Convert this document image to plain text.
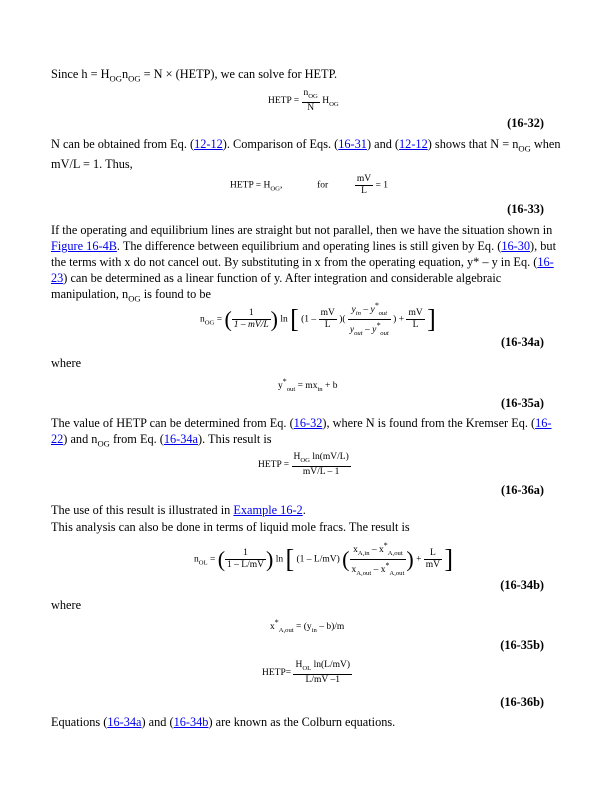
Since $h = H_{OG}n_{OG} = N$ × (HETP), we can solve for HETP.
HETP = $\frac{n_{OG}}{N} H_{OG}$
(16-32)
N can be obtained from Eq. (12-12). Comparison of Eqs. (16-31) and (12-12) shows that $N = n_{OG}$ when mV/L = 1. Thus,
HETP = $H_{OG}$,	for	$\frac{mV}{L} = 1$
(16-33)
If the operating and equilibrium lines are straight but not parallel, then we have the situation shown in Figure 16-4B. The difference between equilibrium and operating lines is still given by Eq. (16-30), but the terms with x do not cancel out. By substituting in x from the operating equation, y* – y in Eq. (16-23) can be determined as a linear function of y. After integration and considerable algebraic manipulation, $n_{OG}$ is found to be
$n_{OG}$ = ( $\frac{1}{1 - mV/L}$ ) ln [ ($1 - \frac{mV}{L}$ )( $\frac{y_{in} - y^*_{out}}{y_{out} - y^*_{out}}$ ) + $\frac{mV}{L}$ ]
(16-34a)
where
$y^*_{out} = mx_{in} + b$
(16-35a)
The value of HETP can be determined from Eq. (16-32), where N is found from the Kremser Eq. (16-22) and $n_{OG}$ from Eq. (16-34a). This result is
HETP = $\frac{H_{OG} \ln(mV/L)}{mV/L - 1}$
(16-36a)
The use of this result is illustrated in Example 16-2.
This analysis can also be done in terms of liquid mole fracs. The result is
$n_{OL}$ = ( $\frac{1}{1 - L/mV}$ ) ln [ (1 – L/mV) ( $\frac{x_{A,in} - x^*_{A,out}}{x_{A,out} - x^*_{A,out}}$ ) + $\frac{L}{mV}$ ]
(16-34b)
where
$x^*_{A,out} = (y_{in} - b)/m$
(16-35b)
HETP= $\frac{H_{OL} \ln(L/mV)}{L/mV -1}$
(16-36b)
Equations (16-34a) and (16-34b) are known as the Colburn equations.
